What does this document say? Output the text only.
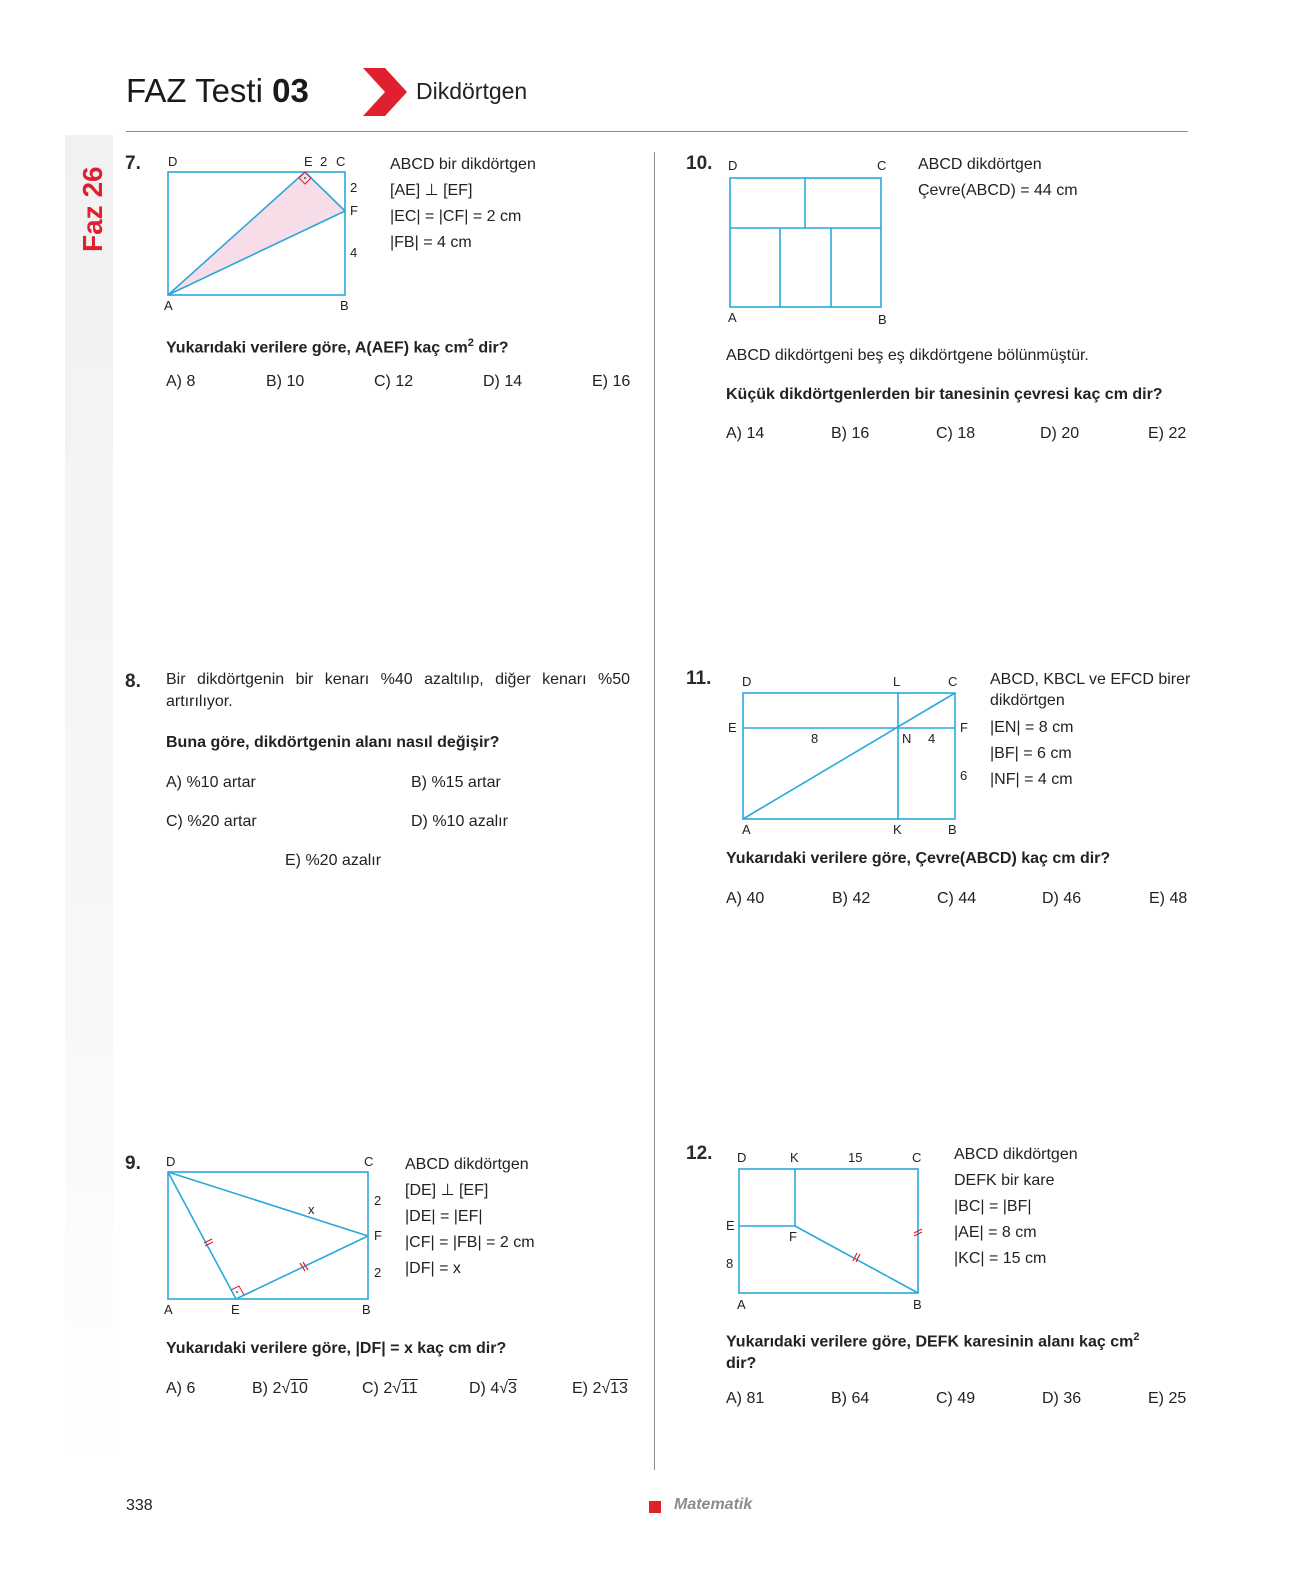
FAZ Testi 03	Dikdörtgen
Faz 26
7. D	E 2 C
2
F
4
A	B
ABCD bir dikdörtgen
[AE] ⊥ [EF]
|EC| = |CF| = 2 cm
|FB| = 4 cm
Yukarıdaki verilere göre, A(AEF) kaç $cm^2$ dir?
A) 8	B) 10	C) 12	D) 14	E) 16
8. Bir dikdörtgenin bir kenarı %40 azaltılıp, diğer kenarı %50 artırılıyor.
Buna göre, dikdörtgenin alanı nasıl değişir?
A) %10 artar	B) %15 artar
C) %20 artar	D) %10 azalır
E) %20 azalır
9. D	C
2
x
F
2
A	E	B
ABCD dikdörtgen
[DE] ⊥ [EF]
|DE| = |EF|
|CF| = |FB| = 2 cm
|DF| = x
Yukarıdaki verilere göre, |DF| = x kaç cm dir?
A) 6	B) 2√10	C) 2√11	D) 4√3	E) 2√13
10. D	C
A	B
ABCD dikdörtgen
Çevre(ABCD) = 44 cm
ABCD dikdörtgeni beş eş dikdörtgene bölünmüştür.
Küçük dikdörtgenlerden bir tanesinin çevresi kaç cm dir?
A) 14	B) 16	C) 18	D) 20	E) 22
11. D	L	C
E
8	N 4
F
6
A	K	B
ABCD, KBCL ve EFCD birer
dikdörtgen
|EN| = 8 cm
|BF| = 6 cm
|NF| = 4 cm
Yukarıdaki verilere göre, Çevre(ABCD) kaç cm dir?
A) 40	B) 42	C) 44	D) 46	E) 48
12. D	K	15	C
E
F
8
A	B
ABCD dikdörtgen
DEFK bir kare
|BC| = |BF|
|AE| = 8 cm
|KC| = 15 cm
Yukarıdaki verilere göre, DEFK karesinin alanı kaç $cm^2$
dir?
A) 81	B) 64	C) 49	D) 36	E) 25
338	Matematik
